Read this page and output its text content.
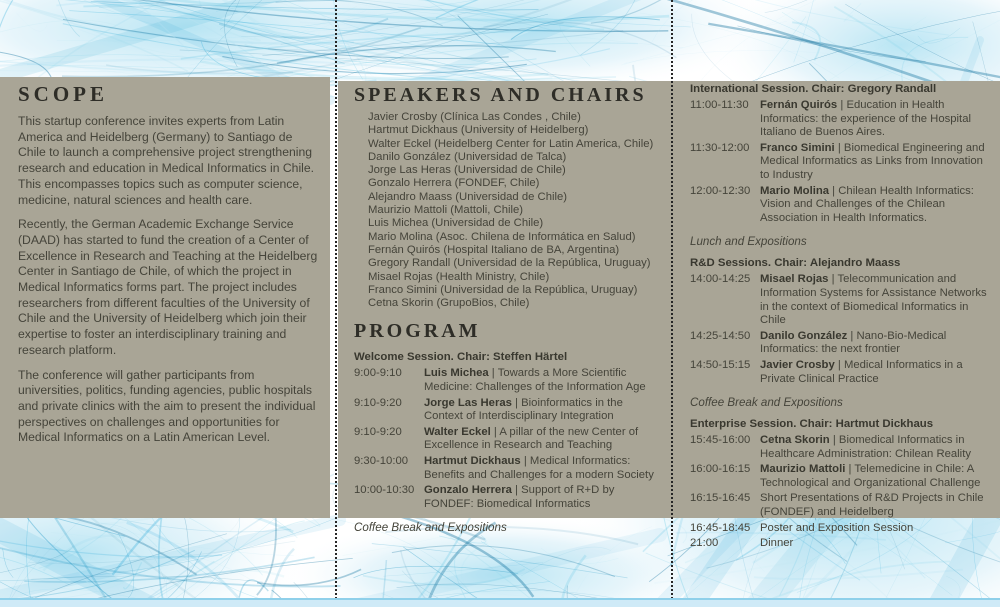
SCOPE

This startup conference invites experts from Latin America and Heidelberg (Germany) to Santiago de Chile to launch a comprehensive project strengthening research and education in Medical Informatics in Chile. This encompasses topics such as computer science, medicine, natural sciences and health care.

Recently, the German Academic Exchange Service (DAAD) has started to fund the creation of a Center of Excellence in Research and Teaching at the Heidelberg Center in Santiago de Chile, of which the project in Medical Informatics forms part. The project includes researchers from different faculties of the University of Chile and the University of Heidelberg which join their expertise to foster an interdisciplinary training and research platform.

The conference will gather participants from universities, politics, funding agencies, public hospitals and private clinics with the aim to present the individual perspectives on challenges and opportunities for Medical Informatics on a Latin American Level.

SPEAKERS AND CHAIRS
Javier Crosby (Clínica Las Condes , Chile)
Hartmut Dickhaus (University of Heidelberg)
Walter Eckel (Heidelberg Center for Latin America, Chile)
Danilo González (Universidad de Talca)
Jorge Las Heras (Universidad de Chile)
Gonzalo Herrera (FONDEF, Chile)
Alejandro Maass (Universidad de Chile)
Maurizio Mattoli (Mattoli, Chile)
Luis Michea (Universidad de Chile)
Mario Molina (Asoc. Chilena de Informática en Salud)
Fernán Quirós (Hospital Italiano de BA, Argentina)
Gregory Randall (Universidad de la República, Uruguay)
Misael Rojas (Health Ministry, Chile)
Franco Simini (Universidad de la República, Uruguay)
Cetna Skorin (GrupoBios, Chile)
PROGRAM
Welcome Session. Chair: Steffen Härtel
9:00-9:10	Luis Michea | Towards a More Scientific Medicine: Challenges of the Information Age
9:10-9:20	Jorge Las Heras | Bioinformatics in the Context of Interdisciplinary Integration
9:10-9:20	Walter Eckel | A pillar of the new Center of Excellence in Research and Teaching
9:30-10:00	Hartmut Dickhaus | Medical Informatics: Benefits and Challenges for a modern Society
10:00-10:30 Gonzalo Herrera | Support of R+D by FONDEF: Biomedical Informatics
Coffee Break and Expositions
International Session. Chair: Gregory Randall
11:00-11:30	Fernán Quirós | Education in Health Informatics: the experience of the Hospital Italiano de Buenos Aires.
11:30-12:00 Franco Simini | Biomedical Engineering and Medical Informatics as Links from Innovation to Industry
12:00-12:30 Mario Molina | Chilean Health Informatics: Vision and Challenges of the Chilean Association in Health Informatics.
Lunch and Expositions
R&D Sessions. Chair: Alejandro Maass
14:00-14:25 Misael Rojas | Telecommunication and Information Systems for Assistance Networks in the context of Biomedical Informatics in Chile
14:25-14:50 Danilo González | Nano-Bio-Medical Informatics: the next frontier
14:50-15:15 Javier Crosby | Medical Informatics in a Private Clinical Practice
Coffee Break and Expositions
Enterprise Session. Chair: Hartmut Dickhaus
15:45-16:00 Cetna Skorin | Biomedical Informatics in Healthcare Administration: Chilean Reality
16:00-16:15 Maurizio Mattoli | Telemedicine in Chile: A Technological and Organizational Challenge
16:15-16:45 Short Presentations of R&D Projects in Chile (FONDEF) and Heidelberg
16:45-18:45 Poster and Exposition Session
21:00	Dinner
